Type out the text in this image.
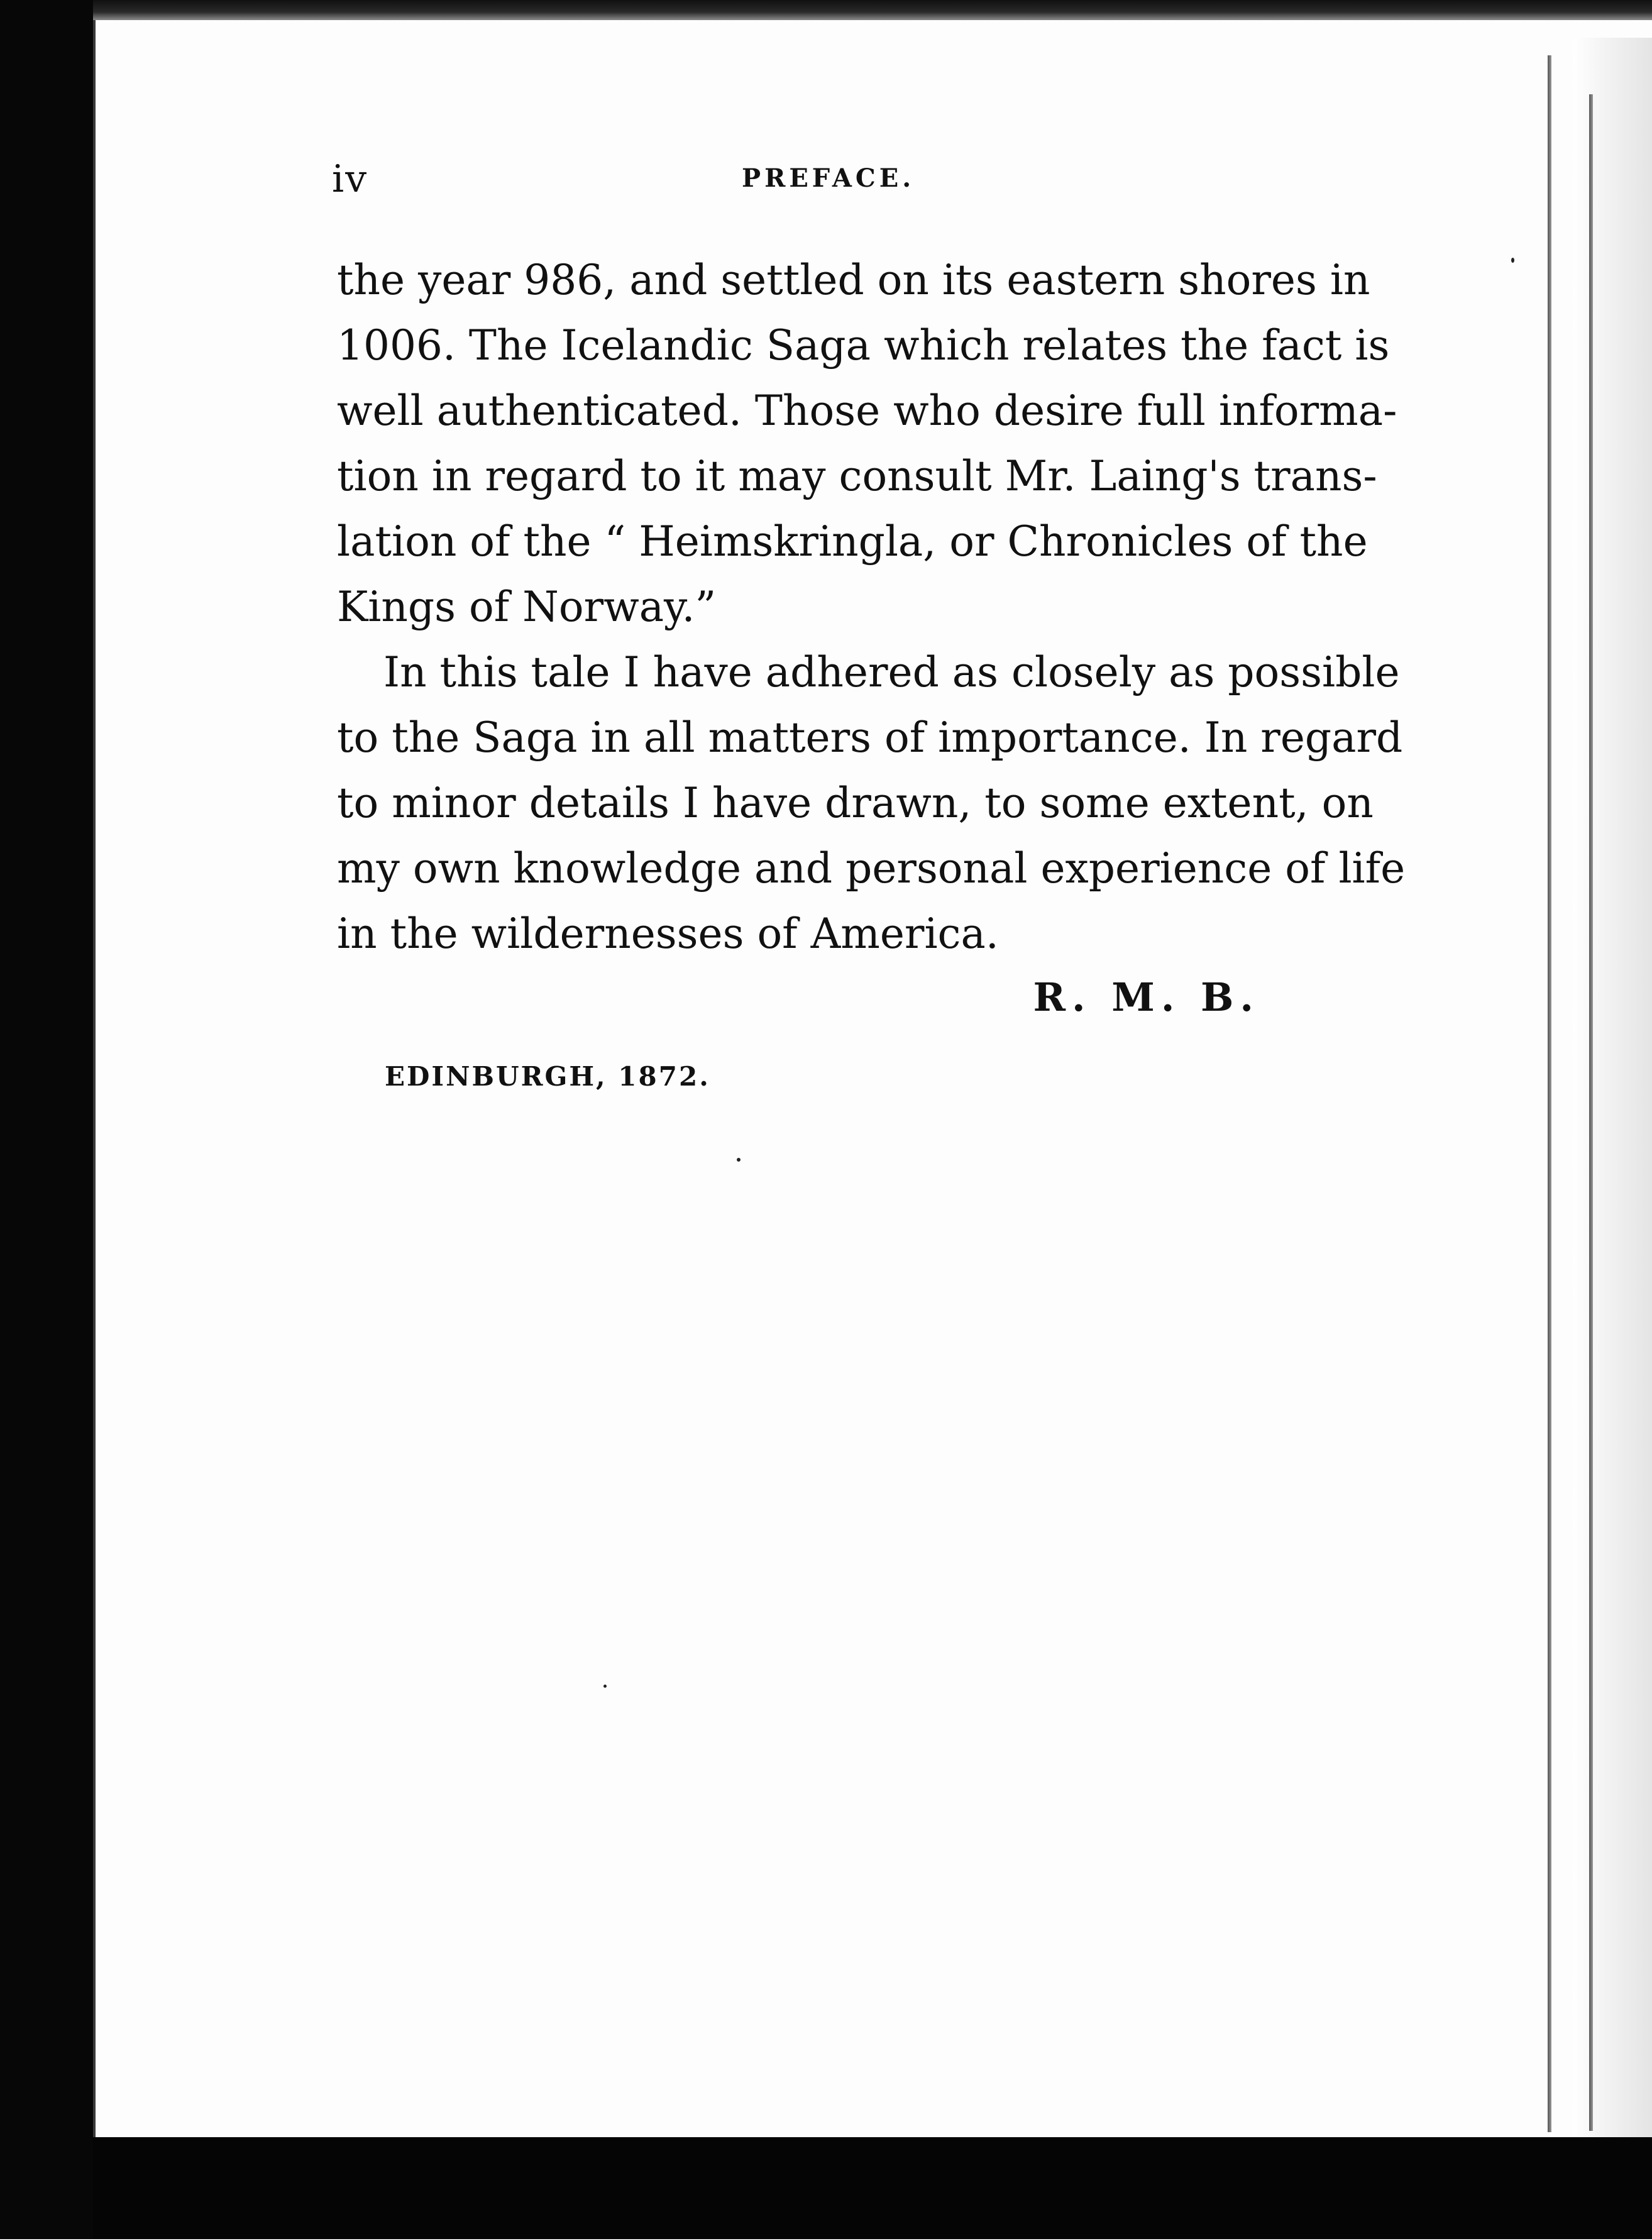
iv	PREFACE.
the year 986, and settled on its eastern shores in
1006. The Icelandic Saga which relates the fact is
well authenticated. Those who desire full informa-
tion in regard to it may consult Mr. Laing's trans-
lation of the “ Heimskringla, or Chronicles of the
Kings of Norway.”
In this tale I have adhered as closely as possible
to the Saga in all matters of importance. In regard
to minor details I have drawn, to some extent, on
my own knowledge and personal experience of life
in the wildernesses of America.
R. M. B.
EDINBURGH, 1872.
